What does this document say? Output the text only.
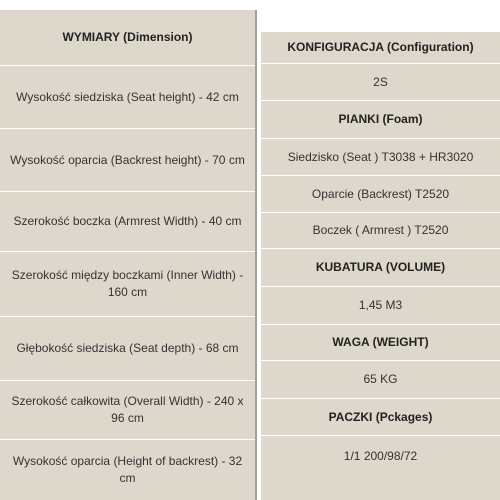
WYMIARY (Dimension)
Wysokość siedziska (Seat height) - 42 cm
Wysokość oparcia (Backrest height) - 70 cm
Szerokość boczka (Armrest Width) - 40 cm
Szerokość między boczkami (Inner Width) - 160 cm
Głębokość siedziska (Seat depth) - 68 cm
Szerokość całkowita (Overall Width) - 240 x 96 cm
Wysokość oparcia (Height of backrest) - 32 cm
KONFIGURACJA (Configuration)
2S
PIANKI (Foam)
Siedzisko (Seat ) T3038 + HR3020
Oparcie (Backrest) T2520
Boczek ( Armrest ) T2520
KUBATURA (VOLUME)
1,45 M3
WAGA (WEIGHT)
65 KG
PACZKI (Pckages)
1/1 200/98/72
